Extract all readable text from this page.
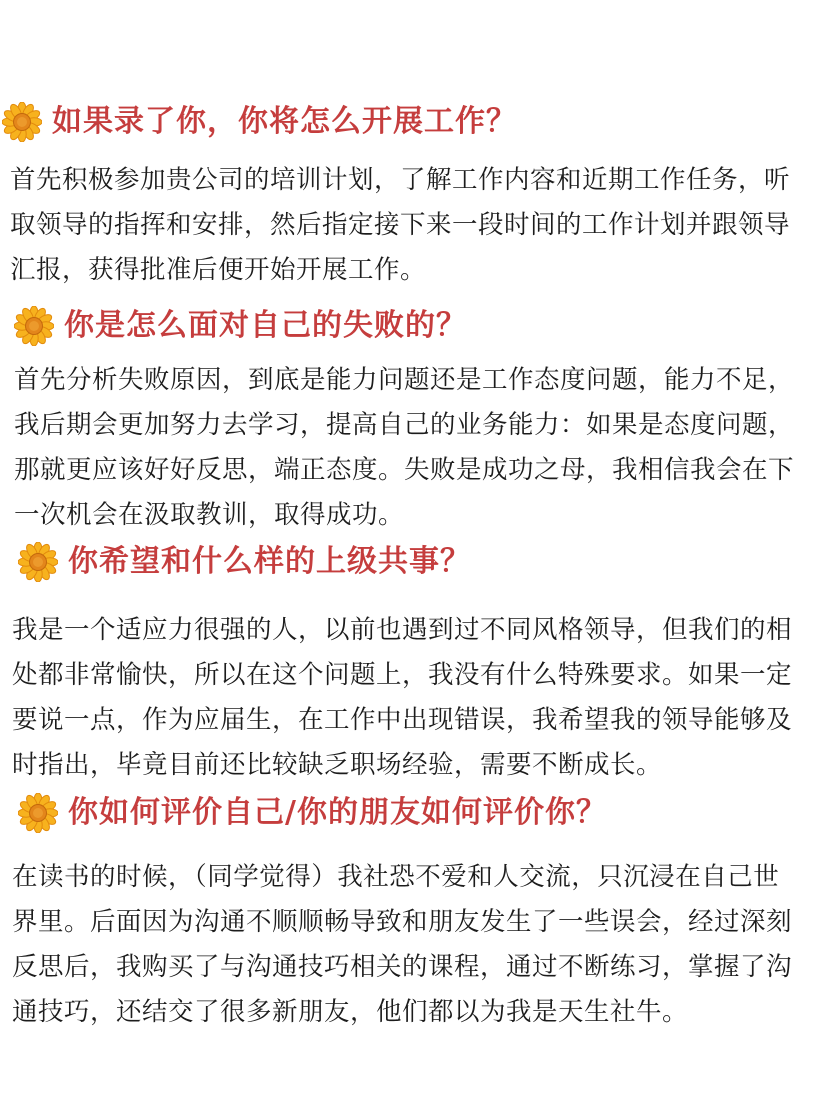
如果录了你，你将怎么开展工作？
首先积极参加贵公司的培训计划，了解工作内容和近期工作任务，听
取领导的指挥和安排，然后指定接下来一段时间的工作计划并跟领导
汇报，获得批准后便开始开展工作。
你是怎么面对自己的失败的？
首先分析失败原因，到底是能力问题还是工作态度问题，能力不足，
我后期会更加努力去学习，提高自己的业务能力：如果是态度问题，
那就更应该好好反思，端正态度。失败是成功之母，我相信我会在下
一次机会在汲取教训，取得成功。
你希望和什么样的上级共事？
我是一个适应力很强的人，以前也遇到过不同风格领导，但我们的相
处都非常愉快，所以在这个问题上，我没有什么特殊要求。如果一定
要说一点，作为应届生，在工作中出现错误，我希望我的领导能够及
时指出，毕竟目前还比较缺乏职场经验，需要不断成长。
你如何评价自己/你的朋友如何评价你？
在读书的时候，（同学觉得）我社恐不爱和人交流，只沉浸在自己世
界里。后面因为沟通不顺顺畅导致和朋友发生了一些误会，经过深刻
反思后，我购买了与沟通技巧相关的课程，通过不断练习，掌握了沟
通技巧，还结交了很多新朋友，他们都以为我是天生社牛。
